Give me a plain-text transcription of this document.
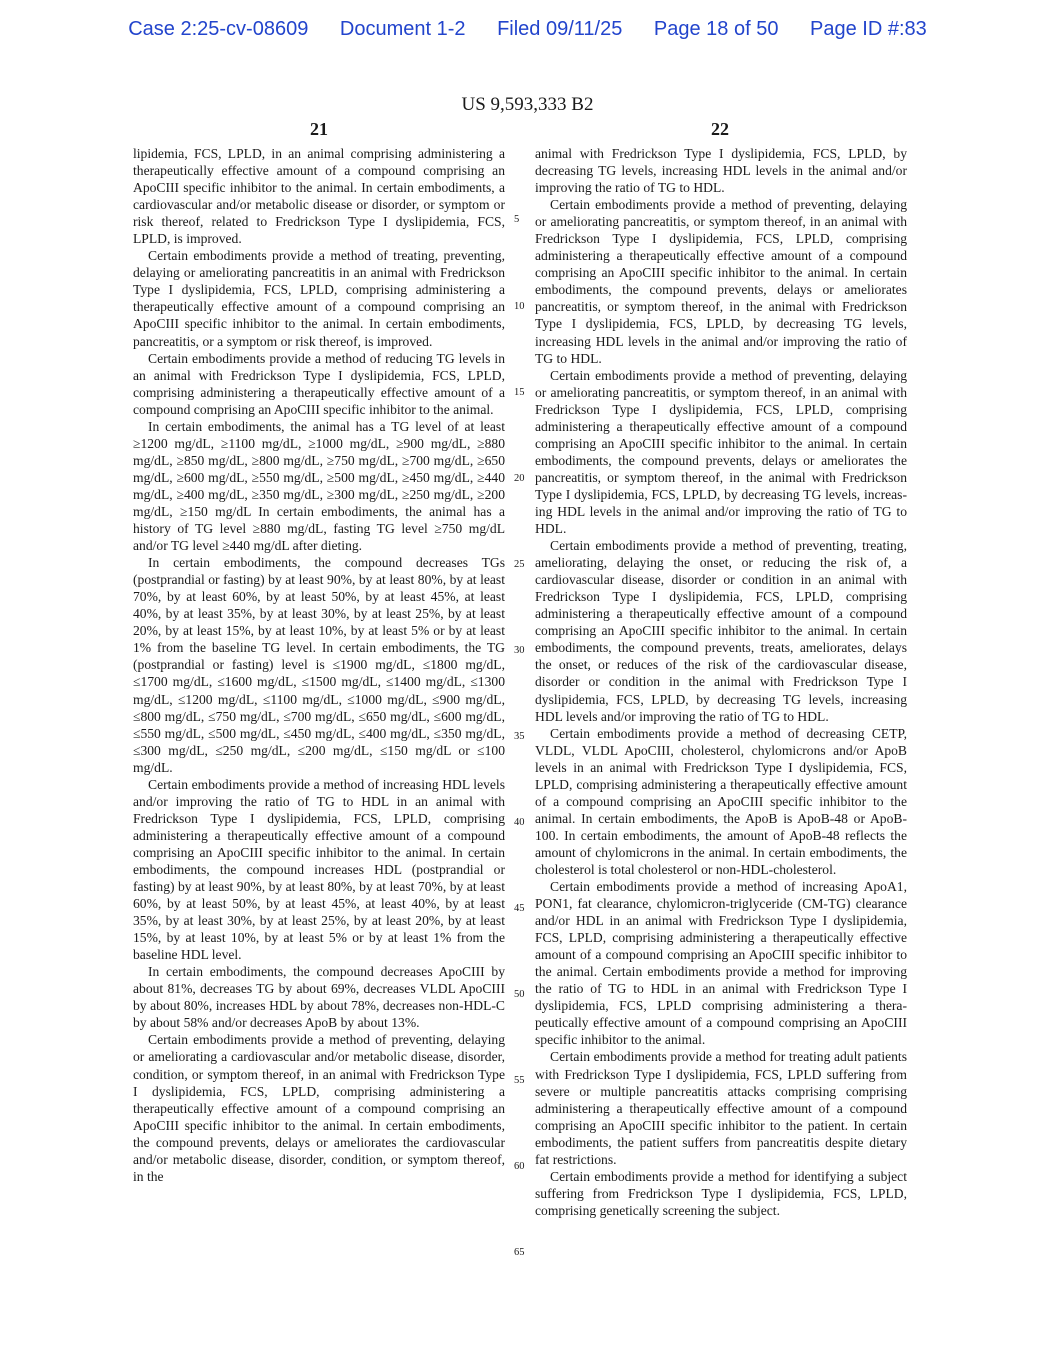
Case 2:25-cv-08609 Document 1-2 Filed 09/11/25 Page 18 of 50 Page ID #:83
US 9,593,333 B2
21	22

lipidemia, FCS, LPLD, in an animal comprising administering a therapeutically effective amount of a compound comprising an ApoCIII specific inhibitor to the animal. In certain embodiments, a cardiovascular and/or metabolic disease or disorder, or symptom or risk thereof, related to Fredrickson Type I dyslipidemia, FCS, LPLD, is improved.

Certain embodiments provide a method of treating, preventing, delaying or ameliorating pancreatitis in an animal with Fredrickson Type I dyslipidemia, FCS, LPLD, comprising administering a therapeutically effective amount of a compound comprising an ApoCIII specific inhibitor to the animal. In certain embodiments, pancreatitis, or a symptom or risk thereof, is improved.

Certain embodiments provide a method of reducing TG levels in an animal with Fredrickson Type I dyslipidemia, FCS, LPLD, comprising administering a therapeutically effective amount of a compound comprising an ApoCIII specific inhibitor to the animal.

In certain embodiments, the animal has a TG level of at least ≥1200 mg/dL, ≥1100 mg/dL, ≥1000 mg/dL, ≥900 mg/dL, ≥880 mg/dL, ≥850 mg/dL, ≥800 mg/dL, ≥750 mg/dL, ≥700 mg/dL, ≥650 mg/dL, ≥600 mg/dL, ≥550 mg/dL, ≥500 mg/dL, ≥450 mg/dL, ≥440 mg/dL, ≥400 mg/dL, ≥350 mg/dL, ≥300 mg/dL, ≥250 mg/dL, ≥200 mg/dL, ≥150 mg/dL In certain embodiments, the animal has a history of TG level ≥880 mg/dL, fasting TG level ≥750 mg/dL and/or TG level ≥440 mg/dL after dieting.

In certain embodiments, the compound decreases TGs (postprandial or fasting) by at least 90%, by at least 80%, by at least 70%, by at least 60%, by at least 50%, by at least 45%, at least 40%, by at least 35%, by at least 30%, by at least 25%, by at least 20%, by at least 15%, by at least 10%, by at least 5% or by at least 1% from the baseline TG level. In certain embodiments, the TG (postprandial or fasting) level is ≤1900 mg/dL, ≤1800 mg/dL, ≤1700 mg/dL, ≤1600 mg/dL, ≤1500 mg/dL, ≤1400 mg/dL, ≤1300 mg/dL, ≤1200 mg/dL, ≤1100 mg/dL, ≤1000 mg/dL, ≤900 mg/dL, ≤800 mg/dL, ≤750 mg/dL, ≤700 mg/dL, ≤650 mg/dL, ≤600 mg/dL, ≤550 mg/dL, ≤500 mg/dL, ≤450 mg/dL, ≤400 mg/dL, ≤350 mg/dL, ≤300 mg/dL, ≤250 mg/dL, ≤200 mg/dL, ≤150 mg/dL or ≤100 mg/dL.

Certain embodiments provide a method of increasing HDL levels and/or improving the ratio of TG to HDL in an animal with Fredrickson Type I dyslipidemia, FCS, LPLD, comprising administering a therapeutically effective amount of a compound comprising an ApoCIII specific inhibitor to the animal. In certain embodiments, the compound increases HDL (postprandial or fasting) by at least 90%, by at least 80%, by at least 70%, by at least 60%, by at least 50%, by at least 45%, at least 40%, by at least 35%, by at least 30%, by at least 25%, by at least 20%, by at least 15%, by at least 10%, by at least 5% or by at least 1% from the baseline HDL level.

In certain embodiments, the compound decreases ApoCIII by about 81%, decreases TG by about 69%, decreases VLDL ApoCIII by about 80%, increases HDL by about 78%, decreases non-HDL-C by about 58% and/or decreases ApoB by about 13%.

Certain embodiments provide a method of preventing, delaying or ameliorating a cardiovascular and/or metabolic disease, disorder, condition, or symptom thereof, in an animal with Fredrickson Type I dyslipidemia, FCS, LPLD, comprising administering a therapeutically effective amount of a compound comprising an ApoCIII specific inhibitor to the animal. In certain embodiments, the compound prevents, delays or ameliorates the cardiovascular and/or metabolic disease, disorder, condition, or symptom thereof, in the

animal with Fredrickson Type I dyslipidemia, FCS, LPLD, by decreasing TG levels, increasing HDL levels in the animal and/or improving the ratio of TG to HDL.

Certain embodiments provide a method of preventing, delaying or ameliorating pancreatitis, or symptom thereof, in an animal with Fredrickson Type I dyslipidemia, FCS, LPLD, comprising administering a therapeutically effective amount of a compound comprising an ApoCIII specific inhibitor to the animal. In certain embodiments, the compound prevents, delays or ameliorates pancreatitis, or symptom thereof, in the animal with Fredrickson Type I dyslipidemia, FCS, LPLD, by decreasing TG levels, increasing HDL levels in the animal and/or improving the ratio of TG to HDL.

Certain embodiments provide a method of preventing, delaying or ameliorating pancreatitis, or symptom thereof, in an animal with Fredrickson Type I dyslipidemia, FCS, LPLD, comprising administering a therapeutically effective amount of a compound comprising an ApoCIII specific inhibitor to the animal. In certain embodiments, the compound prevents, delays or ameliorates the pancreatitis, or symptom thereof, in the animal with Fredrickson Type I dyslipidemia, FCS, LPLD, by decreasing TG levels, increasing HDL levels in the animal and/or improving the ratio of TG to HDL.

Certain embodiments provide a method of preventing, treating, ameliorating, delaying the onset, or reducing the risk of, a cardiovascular disease, disorder or condition in an animal with Fredrickson Type I dyslipidemia, FCS, LPLD, comprising administering a therapeutically effective amount of a compound comprising an ApoCIII specific inhibitor to the animal. In certain embodiments, the compound prevents, treats, ameliorates, delays the onset, or reduces of the risk of the cardiovascular disease, disorder or condition in the animal with Fredrickson Type I dyslipidemia, FCS, LPLD, by decreasing TG levels, increasing HDL levels and/or improving the ratio of TG to HDL.

Certain embodiments provide a method of decreasing CETP, VLDL, VLDL ApoCIII, cholesterol, chylomicrons and/or ApoB levels in an animal with Fredrickson Type I dyslipidemia, FCS, LPLD, comprising administering a therapeutically effective amount of a compound comprising an ApoCIII specific inhibitor to the animal. In certain embodiments, the ApoB is ApoB-48 or ApoB-100. In certain embodiments, the amount of ApoB-48 reflects the amount of chylomicrons in the animal. In certain embodiments, the cholesterol is total cholesterol or non-HDL-cholesterol.

Certain embodiments provide a method of increasing ApoA1, PON1, fat clearance, chylomicron-triglyceride (CM-TG) clearance and/or HDL in an animal with Fredrickson Type I dyslipidemia, FCS, LPLD, comprising administering a therapeutically effective amount of a compound comprising an ApoCIII specific inhibitor to the animal. Certain embodiments provide a method for improving the ratio of TG to HDL in an animal with Fredrickson Type I dyslipidemia, FCS, LPLD comprising administering a therapeutically effective amount of a compound comprising an ApoCIII specific inhibitor to the animal.

Certain embodiments provide a method for treating adult patients with Fredrickson Type I dyslipidemia, FCS, LPLD suffering from severe or multiple pancreatitis attacks comprising comprising administering a therapeutically effective amount of a compound comprising an ApoCIII specific inhibitor to the patient. In certain embodiments, the patient suffers from pancreatitis despite dietary fat restrictions.

Certain embodiments provide a method for identifying a subject suffering from Fredrickson Type I dyslipidemia, FCS, LPLD, comprising genetically screening the subject.

5
10
15
20
25
30
35
40
45
50
55
60
65
